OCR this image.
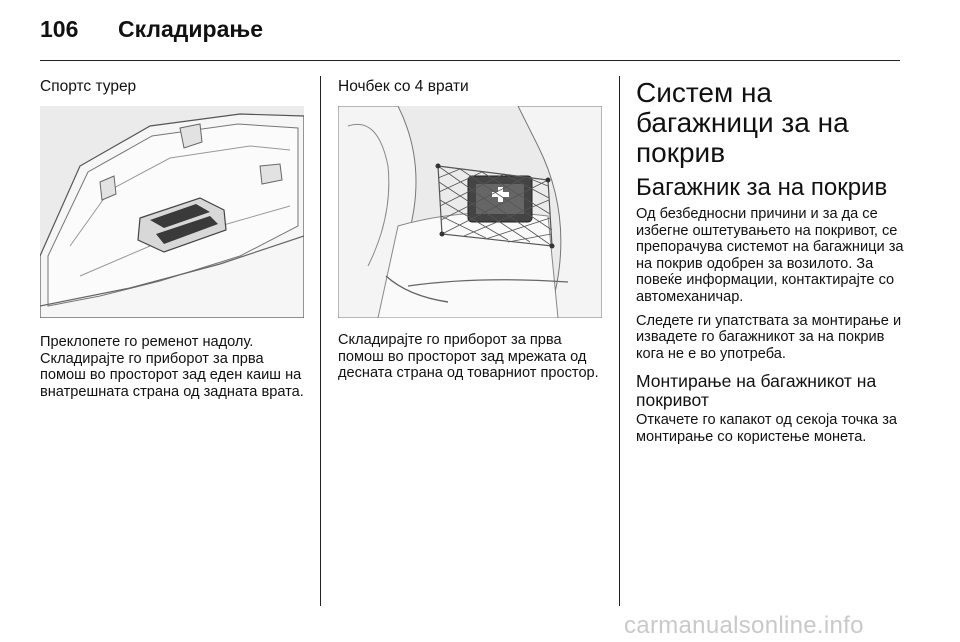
106	Складирање
Спортс турер

Преклопете го ременот надолу. Складирајте го приборот за прва помош во просторот зад еден каиш на внатрешната страна од задната врата.

Ночбек со 4 врати

Складирајте го приборот за прва помош во просторот зад мрежата од десната страна од товарниот простор.

Систем на багажници за на покрив
Багажник за на покрив

Од безбедносни причини и за да се избегне оштетувањето на покривот, се препорачува системот на багажници за на покрив одобрен за возилото. За повеќе информации, контактирајте со автомеханичар.

Следете ги упатствата за монтирање и извадете го багажникот за на покрив кога не е во употреба.

Монтирање на багажникот на покривот

Откачете го капакот од секоја точка за монтирање со користење монета.

carmanualsonline.info
